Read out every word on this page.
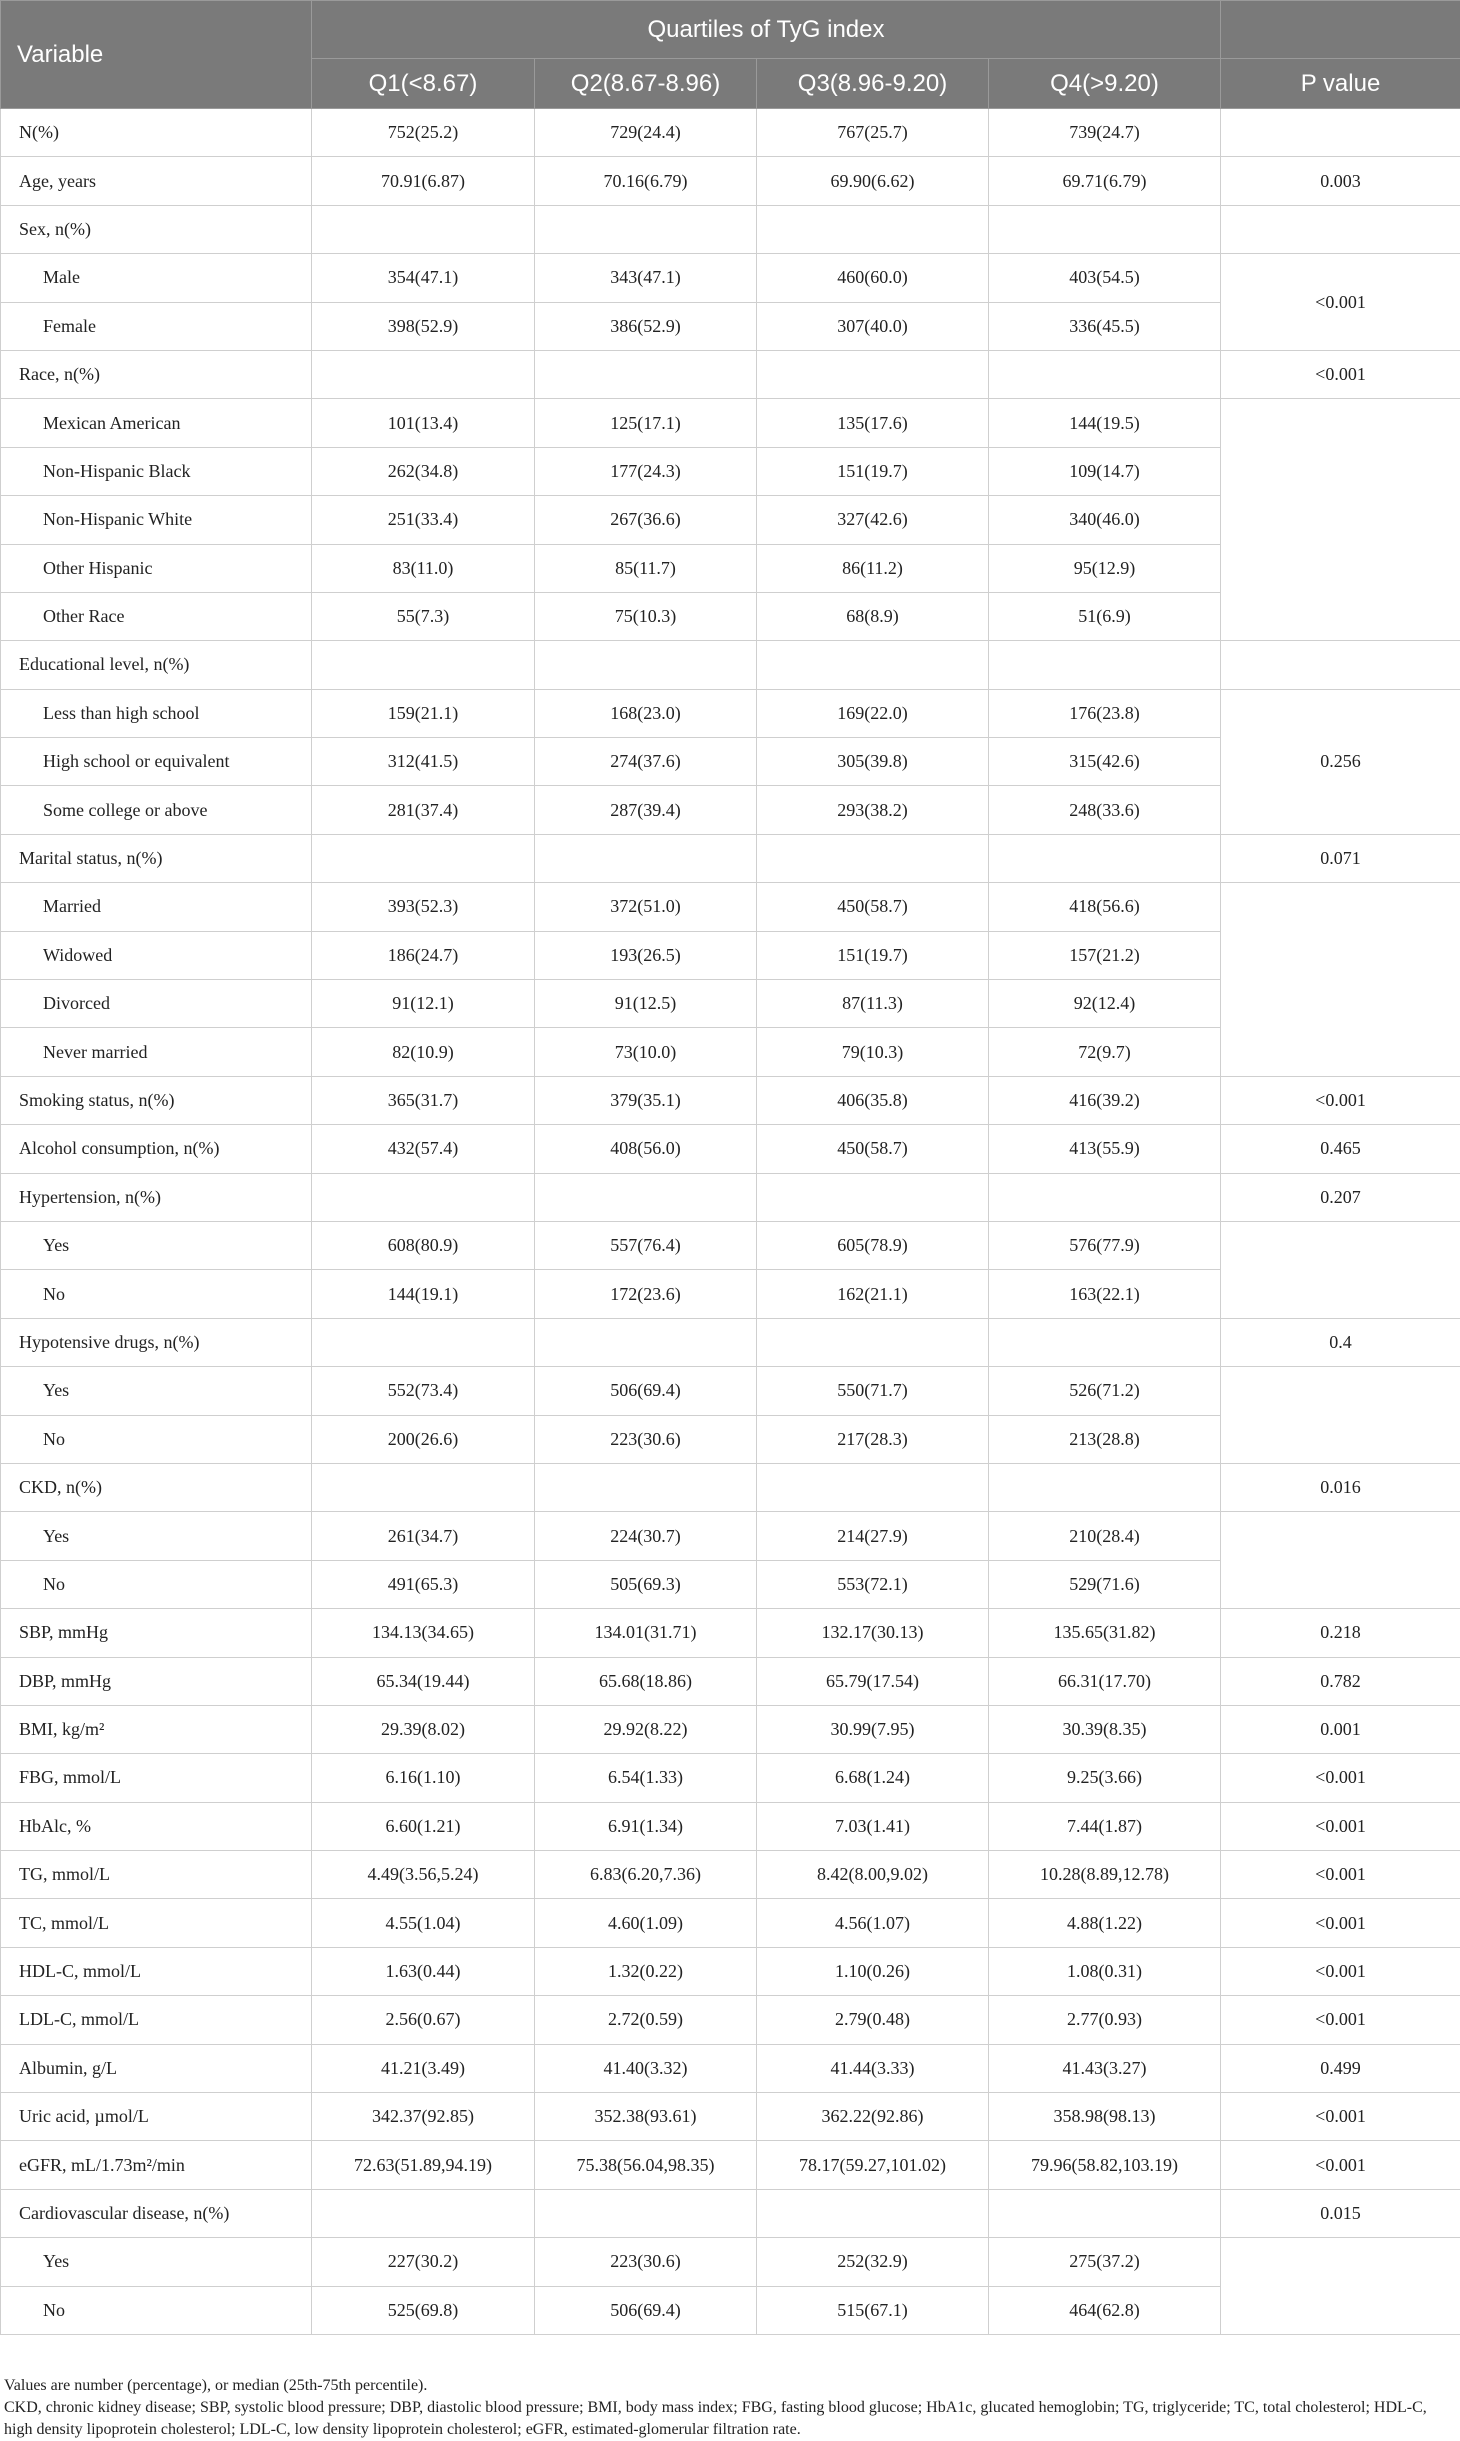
Variable	Quartiles of TyG index				
	Q1(<8.67)	Q2(8.67-8.96)	Q3(8.96-9.20)	Q4(>9.20)	P value
N(%)	752(25.2)	729(24.4)	767(25.7)	739(24.7)	
Age, years	70.91(6.87)	70.16(6.79)	69.90(6.62)	69.71(6.79)	0.003
Sex, n(%)					
Male	354(47.1)	343(47.1)	460(60.0)	403(54.5)	<0.001
Female	398(52.9)	386(52.9)	307(40.0)	336(45.5)	
Race, n(%)					<0.001
Mexican American	101(13.4)	125(17.1)	135(17.6)	144(19.5)	
Non-Hispanic Black	262(34.8)	177(24.3)	151(19.7)	109(14.7)	
Non-Hispanic White	251(33.4)	267(36.6)	327(42.6)	340(46.0)	
Other Hispanic	83(11.0)	85(11.7)	86(11.2)	95(12.9)	
Other Race	55(7.3)	75(10.3)	68(8.9)	51(6.9)	
Educational level, n(%)					
Less than high school	159(21.1)	168(23.0)	169(22.0)	176(23.8)	0.256
High school or equivalent	312(41.5)	274(37.6)	305(39.8)	315(42.6)	
Some college or above	281(37.4)	287(39.4)	293(38.2)	248(33.6)	
Marital status, n(%)					0.071
Married	393(52.3)	372(51.0)	450(58.7)	418(56.6)	
Widowed	186(24.7)	193(26.5)	151(19.7)	157(21.2)	
Divorced	91(12.1)	91(12.5)	87(11.3)	92(12.4)	
Never married	82(10.9)	73(10.0)	79(10.3)	72(9.7)	
Smoking status, n(%)	365(31.7)	379(35.1)	406(35.8)	416(39.2)	<0.001
Alcohol consumption, n(%)	432(57.4)	408(56.0)	450(58.7)	413(55.9)	0.465
Hypertension, n(%)					0.207
Yes	608(80.9)	557(76.4)	605(78.9)	576(77.9)	
No	144(19.1)	172(23.6)	162(21.1)	163(22.1)	
Hypotensive drugs, n(%)					0.4
Yes	552(73.4)	506(69.4)	550(71.7)	526(71.2)	
No	200(26.6)	223(30.6)	217(28.3)	213(28.8)	
CKD, n(%)					0.016
Yes	261(34.7)	224(30.7)	214(27.9)	210(28.4)	
No	491(65.3)	505(69.3)	553(72.1)	529(71.6)	
SBP, mmHg	134.13(34.65)	134.01(31.71)	132.17(30.13)	135.65(31.82)	0.218
DBP, mmHg	65.34(19.44)	65.68(18.86)	65.79(17.54)	66.31(17.70)	0.782
BMI, kg/m²	29.39(8.02)	29.92(8.22)	30.99(7.95)	30.39(8.35)	0.001
FBG, mmol/L	6.16(1.10)	6.54(1.33)	6.68(1.24)	9.25(3.66)	<0.001
HbAlc, %	6.60(1.21)	6.91(1.34)	7.03(1.41)	7.44(1.87)	<0.001
TG, mmol/L	4.49(3.56,5.24)	6.83(6.20,7.36)	8.42(8.00,9.02)	10.28(8.89,12.78)	<0.001
TC, mmol/L	4.55(1.04)	4.60(1.09)	4.56(1.07)	4.88(1.22)	<0.001
HDL-C, mmol/L	1.63(0.44)	1.32(0.22)	1.10(0.26)	1.08(0.31)	<0.001
LDL-C, mmol/L	2.56(0.67)	2.72(0.59)	2.79(0.48)	2.77(0.93)	<0.001
Albumin, g/L	41.21(3.49)	41.40(3.32)	41.44(3.33)	41.43(3.27)	0.499
Uric acid, µmol/L	342.37(92.85)	352.38(93.61)	362.22(92.86)	358.98(98.13)	<0.001
eGFR, mL/1.73m²/min	72.63(51.89,94.19)	75.38(56.04,98.35)	78.17(59.27,101.02)	79.96(58.82,103.19)	<0.001
Cardiovascular disease, n(%)					0.015
Yes	227(30.2)	223(30.6)	252(32.9)	275(37.2)	
No	525(69.8)	506(69.4)	515(67.1)	464(62.8)	
Values are number (percentage), or median (25th-75th percentile).
CKD, chronic kidney disease; SBP, systolic blood pressure; DBP, diastolic blood pressure; BMI, body mass index; FBG, fasting blood glucose; HbA1c, glucated hemoglobin; TG, triglyceride; TC, total cholesterol; HDL-C, high density lipoprotein cholesterol; LDL-C, low density lipoprotein cholesterol; eGFR, estimated-glomerular filtration rate.
